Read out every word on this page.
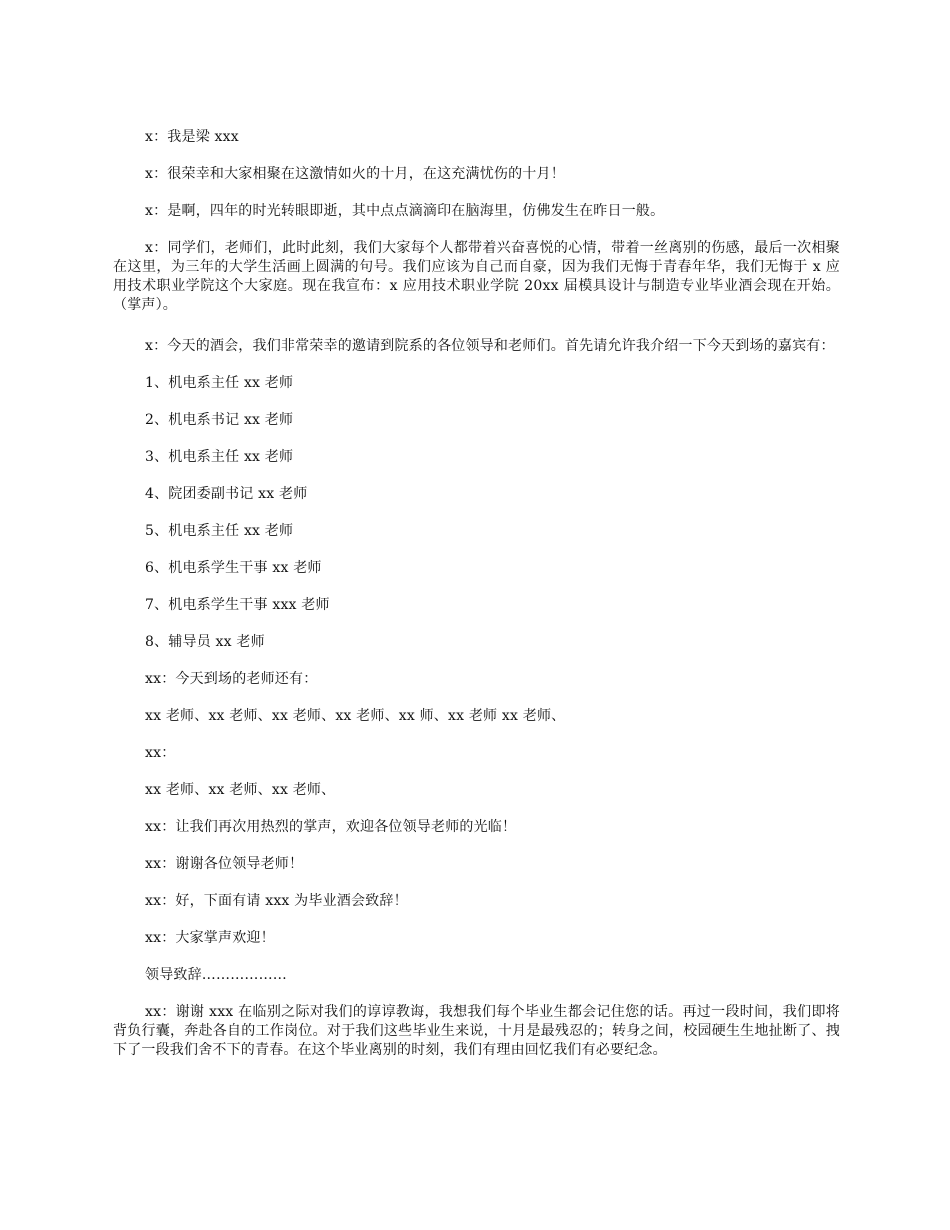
x：我是梁 xxx

x：很荣幸和大家相聚在这激情如火的十月，在这充满忧伤的十月！

x：是啊，四年的时光转眼即逝，其中点点滴滴印在脑海里，仿佛发生在昨日一般。

x：同学们，老师们，此时此刻，我们大家每个人都带着兴奋喜悦的心情，带着一丝离别的伤感，最后一次相聚在这里，为三年的大学生活画上圆满的句号。我们应该为自己而自豪，因为我们无悔于青春年华，我们无悔于 x 应用技术职业学院这个大家庭。现在我宣布：x 应用技术职业学院 20xx 届模具设计与制造专业毕业酒会现在开始。（掌声）。

x：今天的酒会，我们非常荣幸的邀请到院系的各位领导和老师们。首先请允许我介绍一下今天到场的嘉宾有：

1、机电系主任 xx 老师

2、机电系书记 xx 老师

3、机电系主任 xx 老师

4、院团委副书记 xx 老师

5、机电系主任 xx 老师

6、机电系学生干事 xx 老师

7、机电系学生干事 xxx 老师

8、辅导员 xx 老师

xx：今天到场的老师还有：

xx 老师、xx 老师、xx 老师、xx 老师、xx 师、xx 老师 xx 老师、

xx：

xx 老师、xx 老师、xx 老师、

xx：让我们再次用热烈的掌声，欢迎各位领导老师的光临！

xx：谢谢各位领导老师！

xx：好，下面有请 xxx 为毕业酒会致辞！

xx：大家掌声欢迎！

领导致辞………………

xx：谢谢 xxx 在临别之际对我们的谆谆教诲，我想我们每个毕业生都会记住您的话。再过一段时间，我们即将背负行囊，奔赴各自的工作岗位。对于我们这些毕业生来说，十月是最残忍的；转身之间，校园硬生生地扯断了、拽下了一段我们舍不下的青春。在这个毕业离别的时刻，我们有理由回忆我们有必要纪念。
